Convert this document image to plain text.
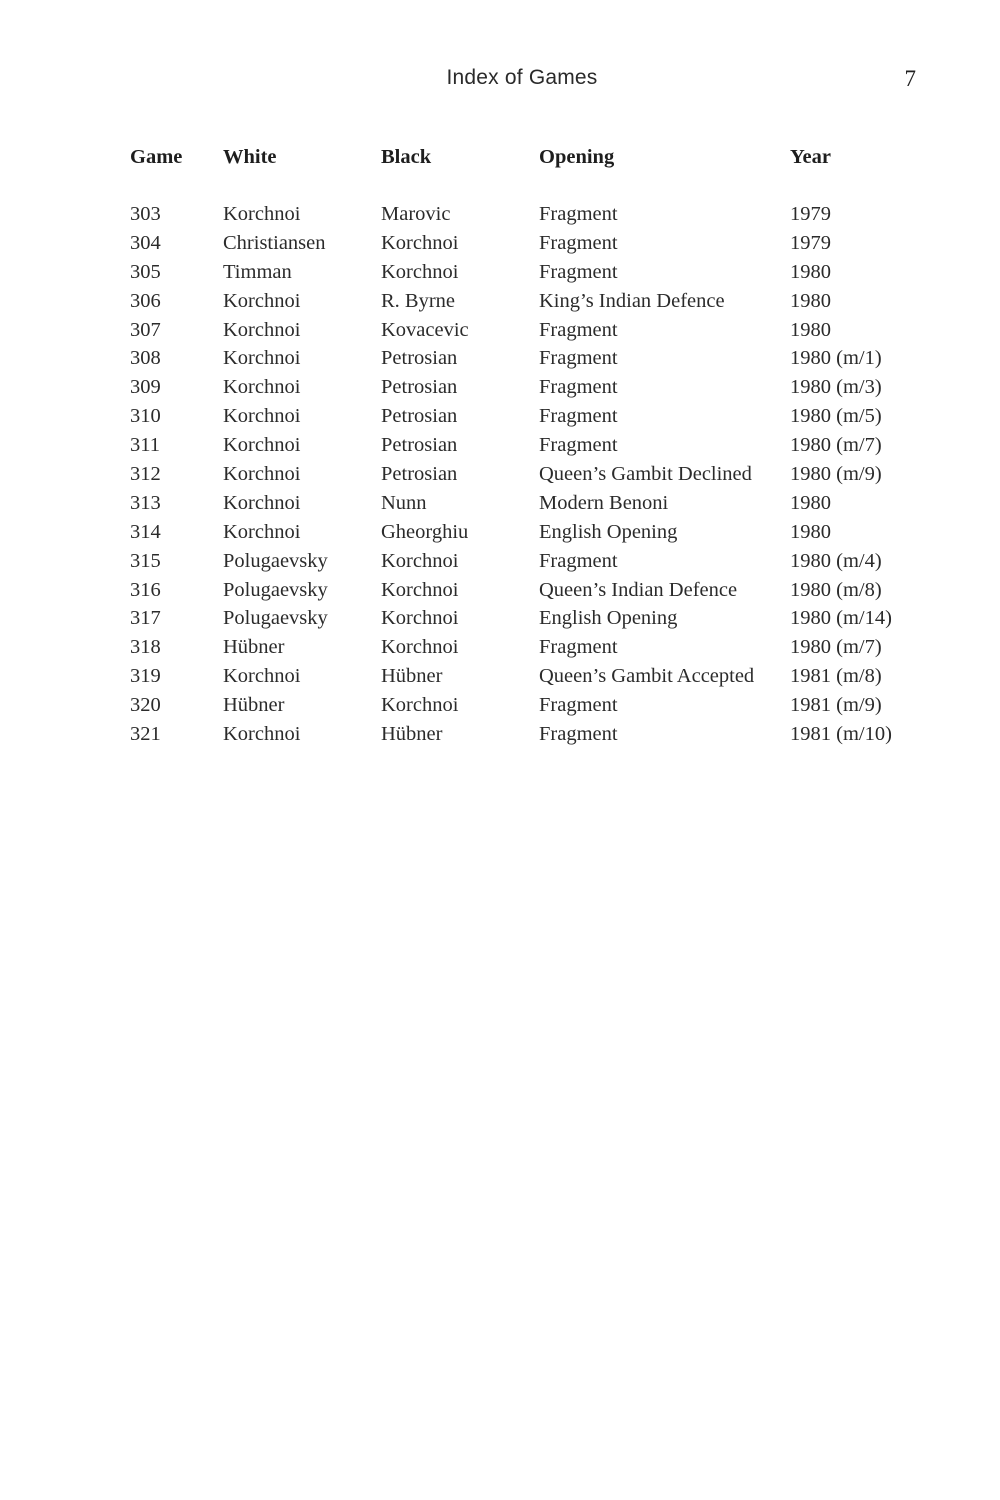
Index of Games	7
Game	White	Black	Opening	Year

303	Korchnoi	Marovic	Fragment	1979
304	Christiansen	Korchnoi	Fragment	1979
305	Timman	Korchnoi	Fragment	1980
306	Korchnoi	R. Byrne	King’s Indian Defence	1980
307	Korchnoi	Kovacevic	Fragment	1980
308	Korchnoi	Petrosian	Fragment	1980 (m/1)
309	Korchnoi	Petrosian	Fragment	1980 (m/3)
310	Korchnoi	Petrosian	Fragment	1980 (m/5)
311	Korchnoi	Petrosian	Fragment	1980 (m/7)
312	Korchnoi	Petrosian	Queen’s Gambit Declined	1980 (m/9)
313	Korchnoi	Nunn	Modern Benoni	1980
314	Korchnoi	Gheorghiu	English Opening	1980
315	Polugaevsky	Korchnoi	Fragment	1980 (m/4)
316	Polugaevsky	Korchnoi	Queen’s Indian Defence	1980 (m/8)
317	Polugaevsky	Korchnoi	English Opening	1980 (m/14)
318	Hübner	Korchnoi	Fragment	1980 (m/7)
319	Korchnoi	Hübner	Queen’s Gambit Accepted	1981 (m/8)
320	Hübner	Korchnoi	Fragment	1981 (m/9)
321	Korchnoi	Hübner	Fragment	1981 (m/10)
